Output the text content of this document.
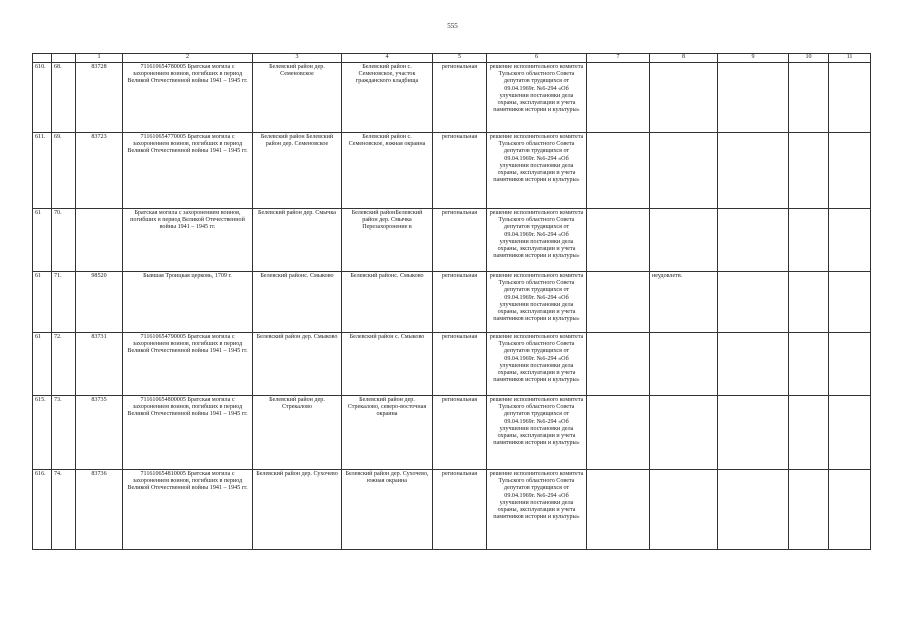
555
		1	2	3	4	5	6	7	8	9	10	11
610.	68.	83728	711610654780005 Братская могила с захоронением воинов, погибших в период Великой Отечественной войны 1941 – 1945 гг.	Белевский район дер. Семеновское	Белевский район с. Семеновское, участок гражданского кладбища	региональная	решение исполнительного комитета Тульского областного Совета депутатов трудящихся от 09.04.1969г. №6-294 «Об улучшении постановки дела охраны, эксплуатации и учета памятников истории и культуры»					
611.	69.	83723	711610654770005 Братская могила с захоронением воинов, погибших в период Великой Отечественной войны 1941 – 1945 гг.	Белевский район Белевский район дер. Семеновское	Белевский район с. Семеновское, южная окраина	региональная	решение исполнительного комитета Тульского областного Совета депутатов трудящихся от 09.04.1969г. №6-294 «Об улучшении постановки дела охраны, эксплуатации и учета памятников истории и культуры»					
61	70.		Братская могила с захоронением воинов, погибших в период Великой Отечественной войны 1941 – 1945 гг.	Белевский район дер. Смычка	Белевский районБелевский район дер. Смычка Перезахоронение в	региональная	решение исполнительного комитета Тульского областного Совета депутатов трудящихся от 09.04.1969г. №6-294 «Об улучшении постановки дела охраны, эксплуатации и учета памятников истории и культуры»					
61	71.	98520	Бывшая Троицкая церковь, 1709 г.	Белевский районс. Смыково	Белевский районс. Смыково	региональная	решение исполнительного комитета Тульского областного Совета депутатов трудящихся от 09.04.1969г. №6-294 «Об улучшении постановки дела охраны, эксплуатации и учета памятников истории и культуры»		неудовлетв.			
61	72.	83731	711610654790005 Братская могила с захоронением воинов, погибших в период Великой Отечественной войны 1941 – 1945 гг.	Белевский район дер. Смыково	Белевский район с. Смыково	региональная	решение исполнительного комитета Тульского областного Совета депутатов трудящихся от 09.04.1969г. №6-294 «Об улучшении постановки дела охраны, эксплуатации и учета памятников истории и культуры»					
615.	73.	83735	711610654800005 Братская могила с захоронением воинов, погибших в период Великой Отечественной войны 1941 – 1945 гг.	Белевский район дер. Стрекалово	Белевский район дер. Стрекалово, северо-восточная окраина	региональная	решение исполнительного комитета Тульского областного Совета депутатов трудящихся от 09.04.1969г. №6-294 «Об улучшении постановки дела охраны, эксплуатации и учета памятников истории и культуры»					
616.	74.	83736	711610654810005 Братская могила с захоронением воинов, погибших в период Великой Отечественной войны 1941 – 1945 гг.	Белевский район дер. Сухочево	Белевский район дер. Сухочево, южная окраина	региональная	решение исполнительного комитета Тульского областного Совета депутатов трудящихся от 09.04.1969г. №6-294 «Об улучшении постановки дела охраны, эксплуатации и учета памятников истории и культуры»					
